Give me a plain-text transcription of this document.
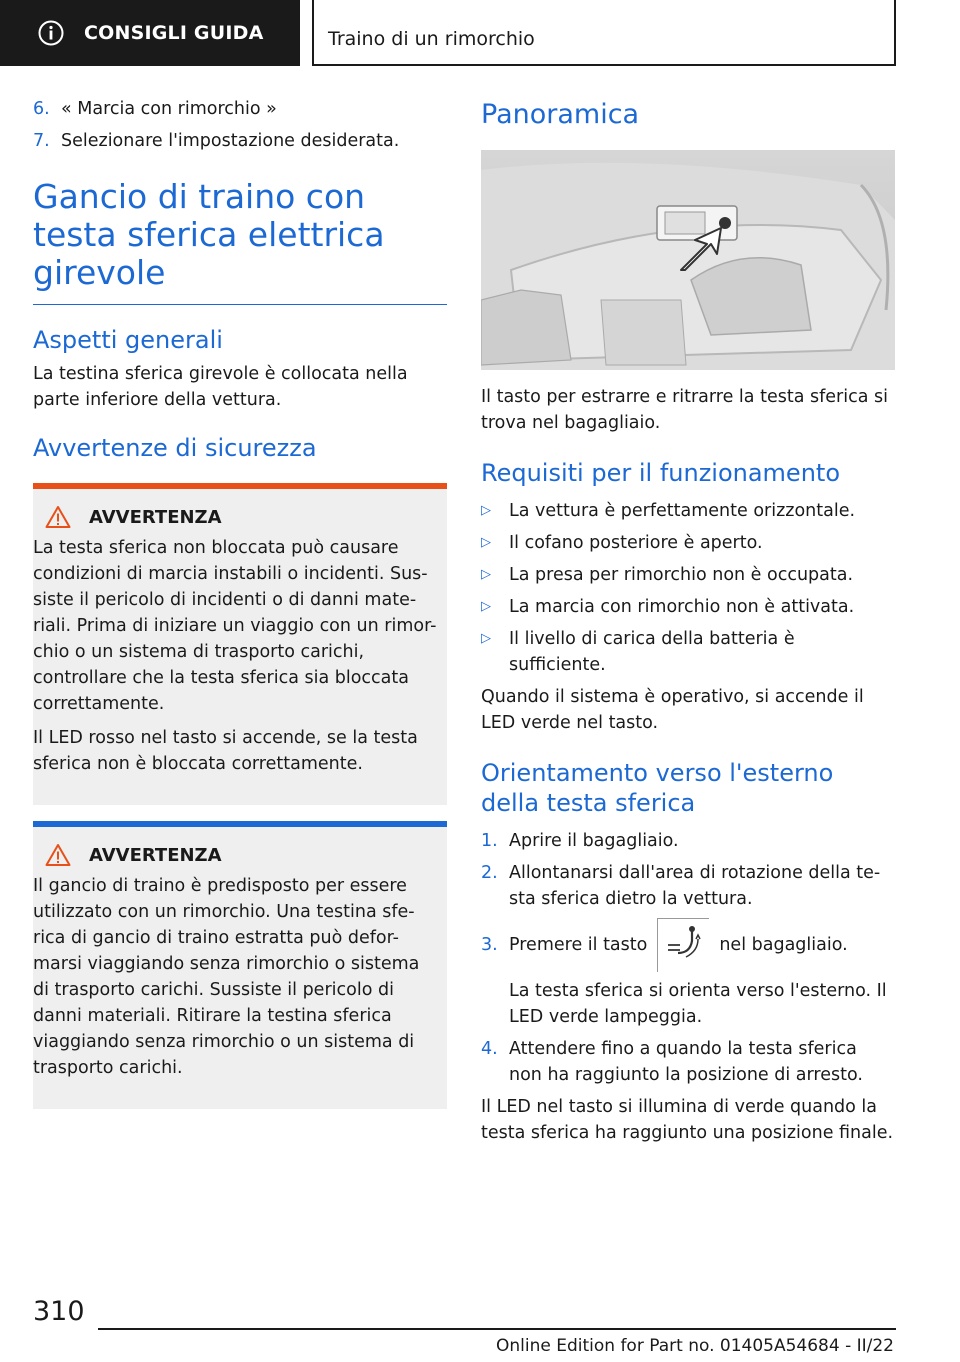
CONSIGLI GUIDA	Traino di un rimorchio
6. « Marcia con rimorchio »
7. Selezionare l'impostazione desiderata.
Gancio di traino con testa sferica elettrica girevole
Aspetti generali

La testina sferica girevole è collocata nella parte inferiore della vettura.

Avvertenze di sicurezza
AVVERTENZA

La testa sferica non bloccata può causare condizioni di marcia instabili o incidenti. Sus- siste il pericolo di incidenti o di danni mate- riali. Prima di iniziare un viaggio con un rimor- chio o un sistema di trasporto carichi, controllare che la testa sferica sia bloccata correttamente.

Il LED rosso nel tasto si accende, se la testa sferica non è bloccata correttamente.

AVVERTENZA

Il gancio di traino è predisposto per essere utilizzato con un rimorchio. Una testina sfe- rica di gancio di traino estratta può defor- marsi viaggiando senza rimorchio o sistema di trasporto carichi. Sussiste il pericolo di danni materiali. Ritirare la testina sferica viaggiando senza rimorchio o un sistema di trasporto carichi.

Panoramica

Il tasto per estrarre e ritrarre la testa sferica si trova nel bagagliaio.

Requisiti per il funzionamento
▷	La vettura è perfettamente orizzontale.
▷	Il cofano posteriore è aperto.
▷	La presa per rimorchio non è occupata.
▷	La marcia con rimorchio non è attivata.
▷	Il livello di carica della batteria è sufficiente.

Quando il sistema è operativo, si accende il LED verde nel tasto.

Orientamento verso l'esterno della testa sferica
1. Aprire il bagagliaio.
2. Allontanarsi dall'area di rotazione della te- sta sferica dietro la vettura.
3. Premere il tasto	nel bagagliaio.

La testa sferica si orienta verso l'esterno. Il LED verde lampeggia.

4. Attendere fino a quando la testa sferica non ha raggiunto la posizione di arresto.

Il LED nel tasto si illumina di verde quando la testa sferica ha raggiunto una posizione finale.

310
Online Edition for Part no. 01405A54684 - II/22
